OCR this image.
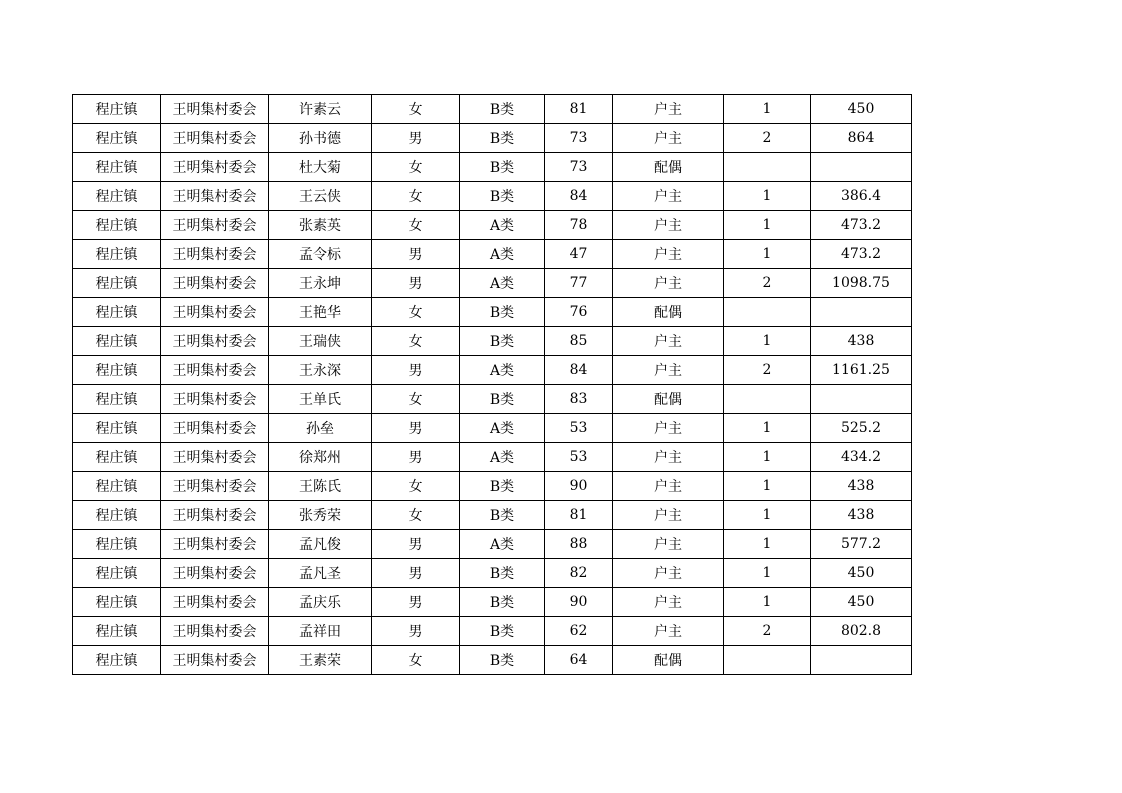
程庄镇	王明集村委会	许素云	女	B类	81	户主	1	450
程庄镇	王明集村委会	孙书德	男	B类	73	户主	2	864
程庄镇	王明集村委会	杜大菊	女	B类	73	配偶		
程庄镇	王明集村委会	王云侠	女	B类	84	户主	1	386.4
程庄镇	王明集村委会	张素英	女	A类	78	户主	1	473.2
程庄镇	王明集村委会	孟令标	男	A类	47	户主	1	473.2
程庄镇	王明集村委会	王永坤	男	A类	77	户主	2	1098.75
程庄镇	王明集村委会	王艳华	女	B类	76	配偶		
程庄镇	王明集村委会	王瑞侠	女	B类	85	户主	1	438
程庄镇	王明集村委会	王永深	男	A类	84	户主	2	1161.25
程庄镇	王明集村委会	王单氏	女	B类	83	配偶		
程庄镇	王明集村委会	孙垒	男	A类	53	户主	1	525.2
程庄镇	王明集村委会	徐郑州	男	A类	53	户主	1	434.2
程庄镇	王明集村委会	王陈氏	女	B类	90	户主	1	438
程庄镇	王明集村委会	张秀荣	女	B类	81	户主	1	438
程庄镇	王明集村委会	孟凡俊	男	A类	88	户主	1	577.2
程庄镇	王明集村委会	孟凡圣	男	B类	82	户主	1	450
程庄镇	王明集村委会	孟庆乐	男	B类	90	户主	1	450
程庄镇	王明集村委会	孟祥田	男	B类	62	户主	2	802.8
程庄镇	王明集村委会	王素荣	女	B类	64	配偶		
